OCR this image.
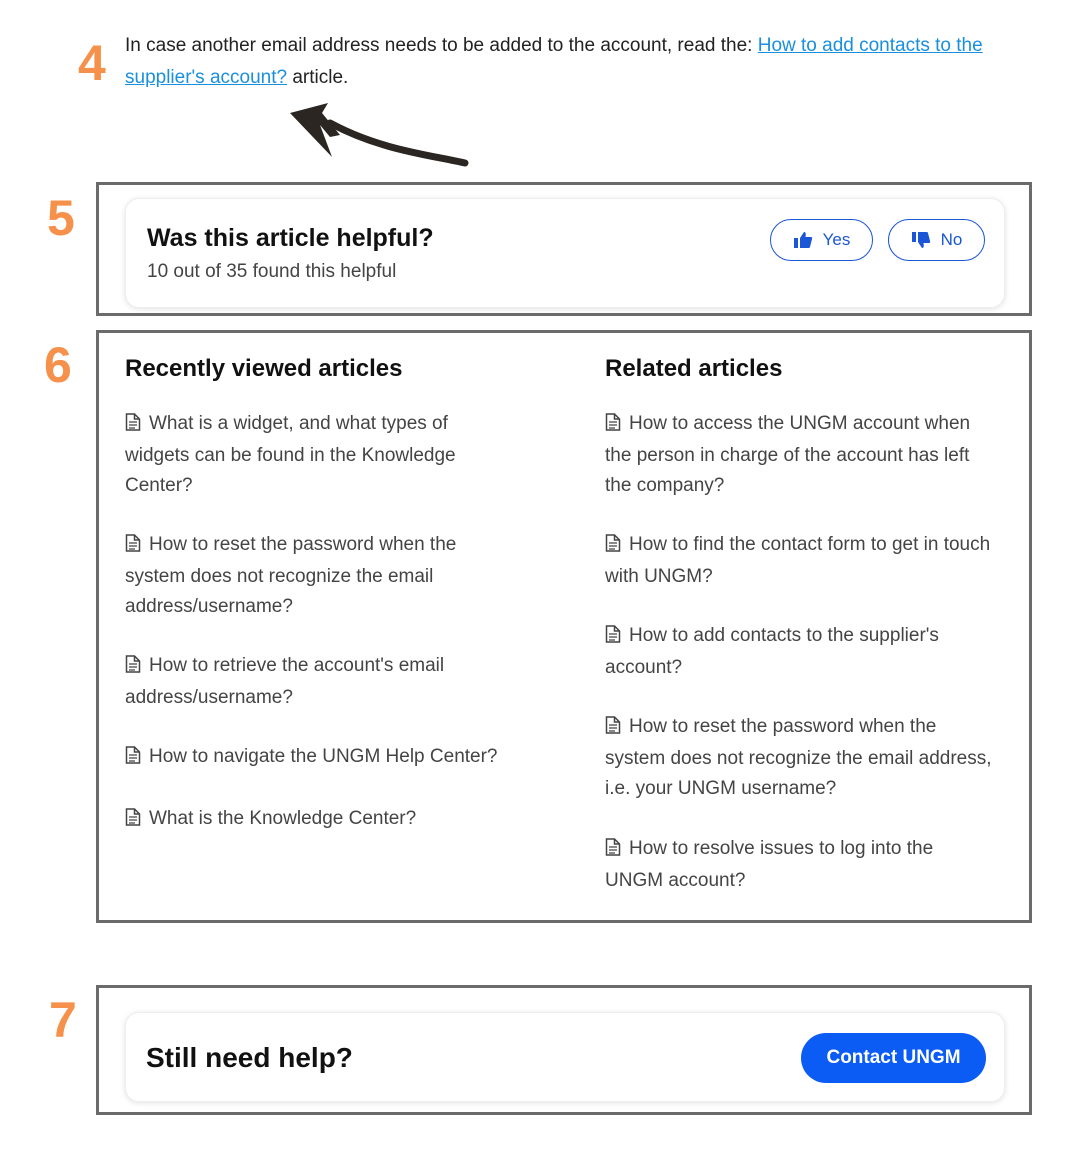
4 In case another email address needs to be added to the account, read the: How to add contacts to the supplier's account? article.
5	Was this article helpful?
10 out of 35 found this helpful
Yes	No
6 Recently viewed articles
What is a widget, and what types of widgets can be found in the Knowledge Center?
How to reset the password when the system does not recognize the email address/username?
How to retrieve the account's email address/username?
How to navigate the UNGM Help Center?
What is the Knowledge Center?
Related articles
How to access the UNGM account when the person in charge of the account has left the company?
How to find the contact form to get in touch with UNGM?
How to add contacts to the supplier's account?
How to reset the password when the system does not recognize the email address, i.e. your UNGM username?
How to resolve issues to log into the UNGM account?
7
Still need help?	Contact UNGM
